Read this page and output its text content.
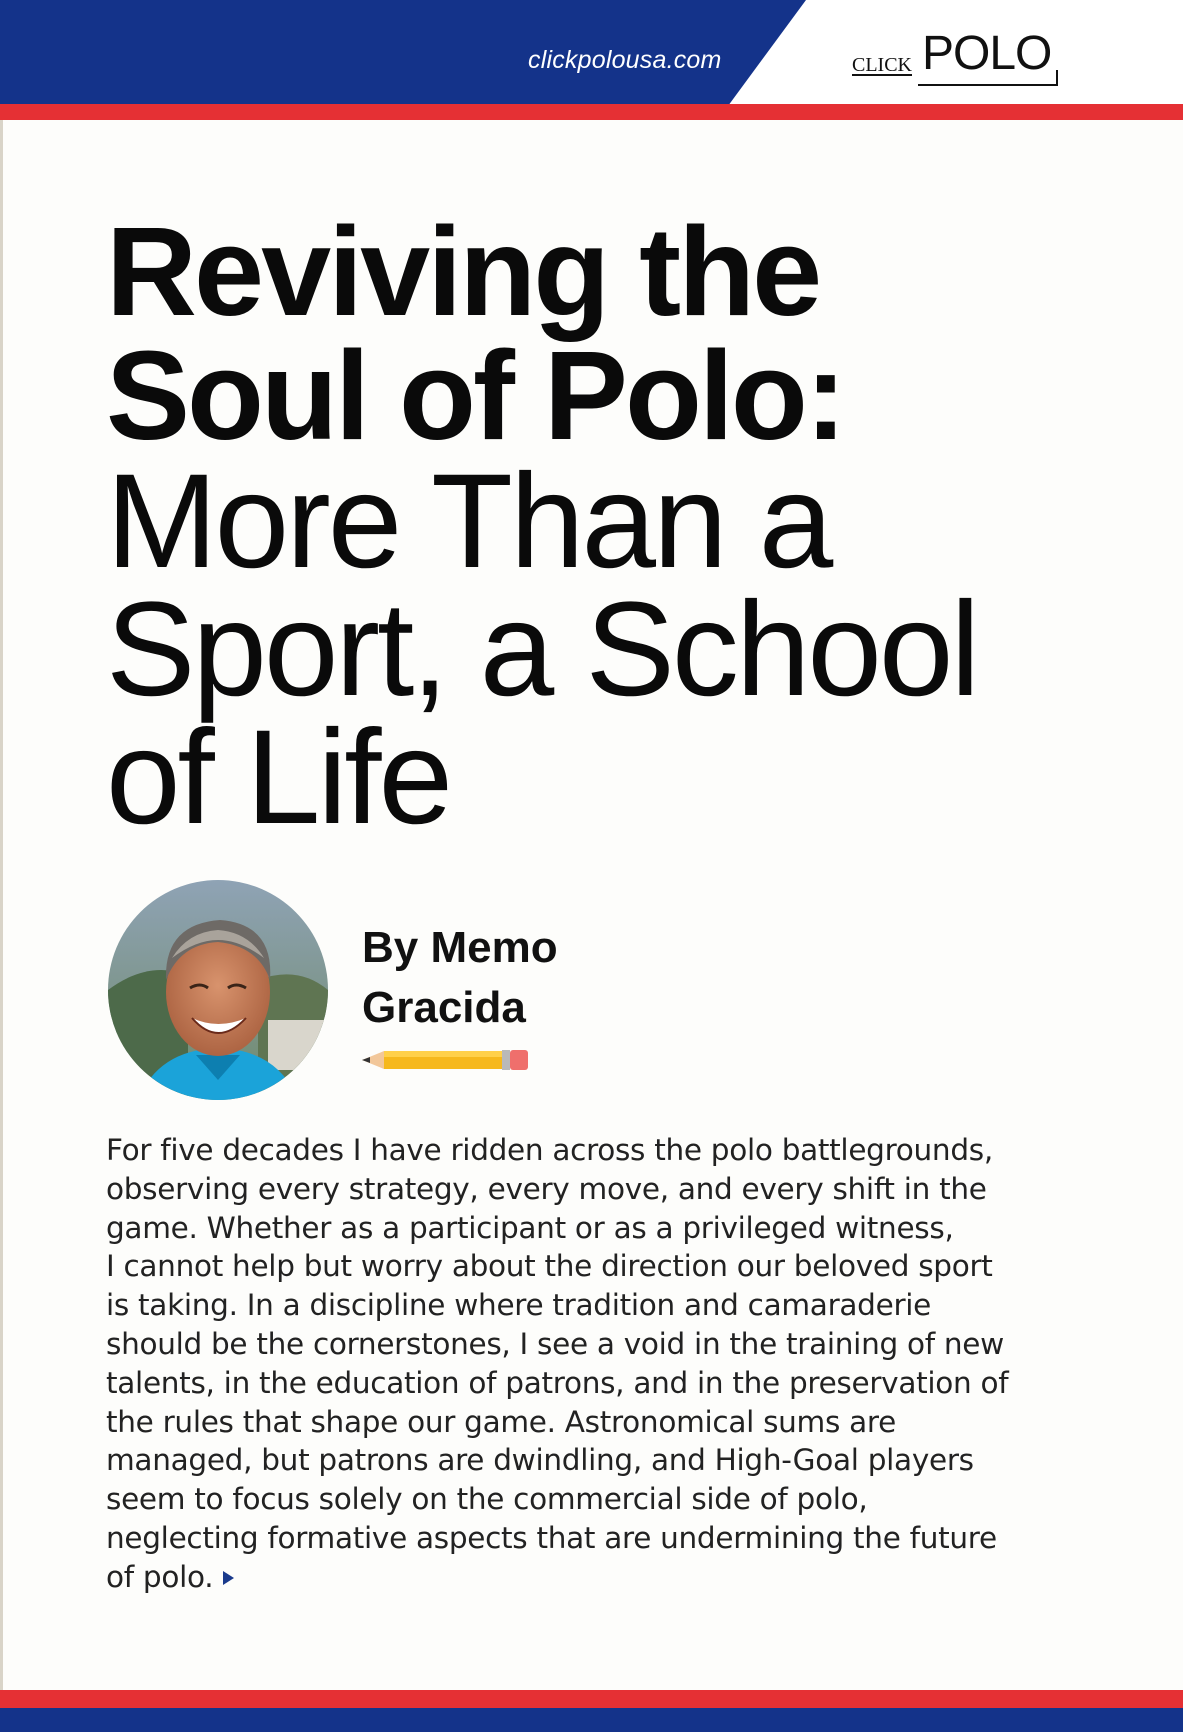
clickpolousa.com	CLICK POLO
Reviving the
Soul of Polo:
More Than a
Sport, a School
of Life
By Memo
Gracida
For five decades I have ridden across the polo battlegrounds,
observing every strategy, every move, and every shift in the
game. Whether as a participant or as a privileged witness,
I cannot help but worry about the direction our beloved sport
is taking. In a discipline where tradition and camaraderie
should be the cornerstones, I see a void in the training of new
talents, in the education of patrons, and in the preservation of
the rules that shape our game. Astronomical sums are
managed, but patrons are dwindling, and High-Goal players
seem to focus solely on the commercial side of polo,
neglecting formative aspects that are undermining the future
of polo.
